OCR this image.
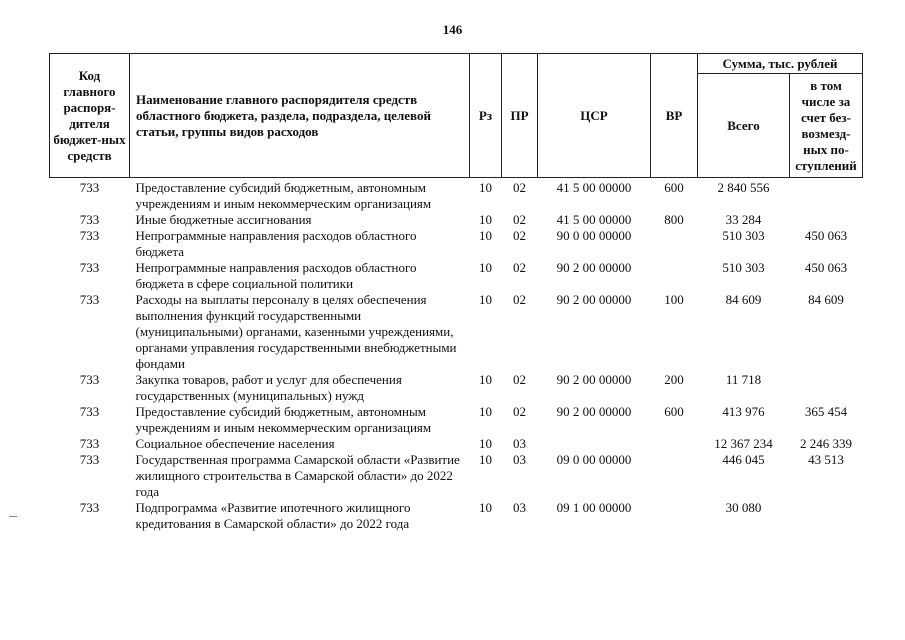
146
Код главного распоря-дителя бюджет-ных средств	Наименование главного распорядителя средств областного бюджета, раздела, подраздела, целевой статьи, группы видов расходов	Рз	ПР	ЦСР	ВР	Сумма, тыс. рублей	
						Всего	в том числе за счет без-возмезд-ных по-ступлений
733	Предоставление субсидий бюджетным, автономным учреждениям и иным некоммерческим организациям	10	02	41 5 00 00000	600	2 840 556	
733	Иные бюджетные ассигнования	10	02	41 5 00 00000	800	33 284	
733	Непрограммные направления расходов областного бюджета	10	02	90 0 00 00000		510 303	450 063
733	Непрограммные направления расходов областного бюджета в сфере социальной политики	10	02	90 2 00 00000		510 303	450 063
733	Расходы на выплаты персоналу в целях обеспечения выполнения функций государственными (муниципальными) органами, казенными учреждениями, органами управления государственными внебюджетными фондами	10	02	90 2 00 00000	100	84 609	84 609
733	Закупка товаров, работ и услуг для обеспечения государственных (муниципальных) нужд	10	02	90 2 00 00000	200	11 718	
733	Предоставление субсидий бюджетным, автономным учреждениям и иным некоммерческим организациям	10	02	90 2 00 00000	600	413 976	365 454
733	Социальное обеспечение населения	10	03			12 367 234	2 246 339
733	Государственная программа Самарской области «Развитие жилищного строительства в Самарской области» до 2022 года	10	03	09 0 00 00000		446 045	43 513
733	Подпрограмма «Развитие ипотечного жилищного кредитования в Самарской области» до 2022 года	10	03	09 1 00 00000		30 080	
